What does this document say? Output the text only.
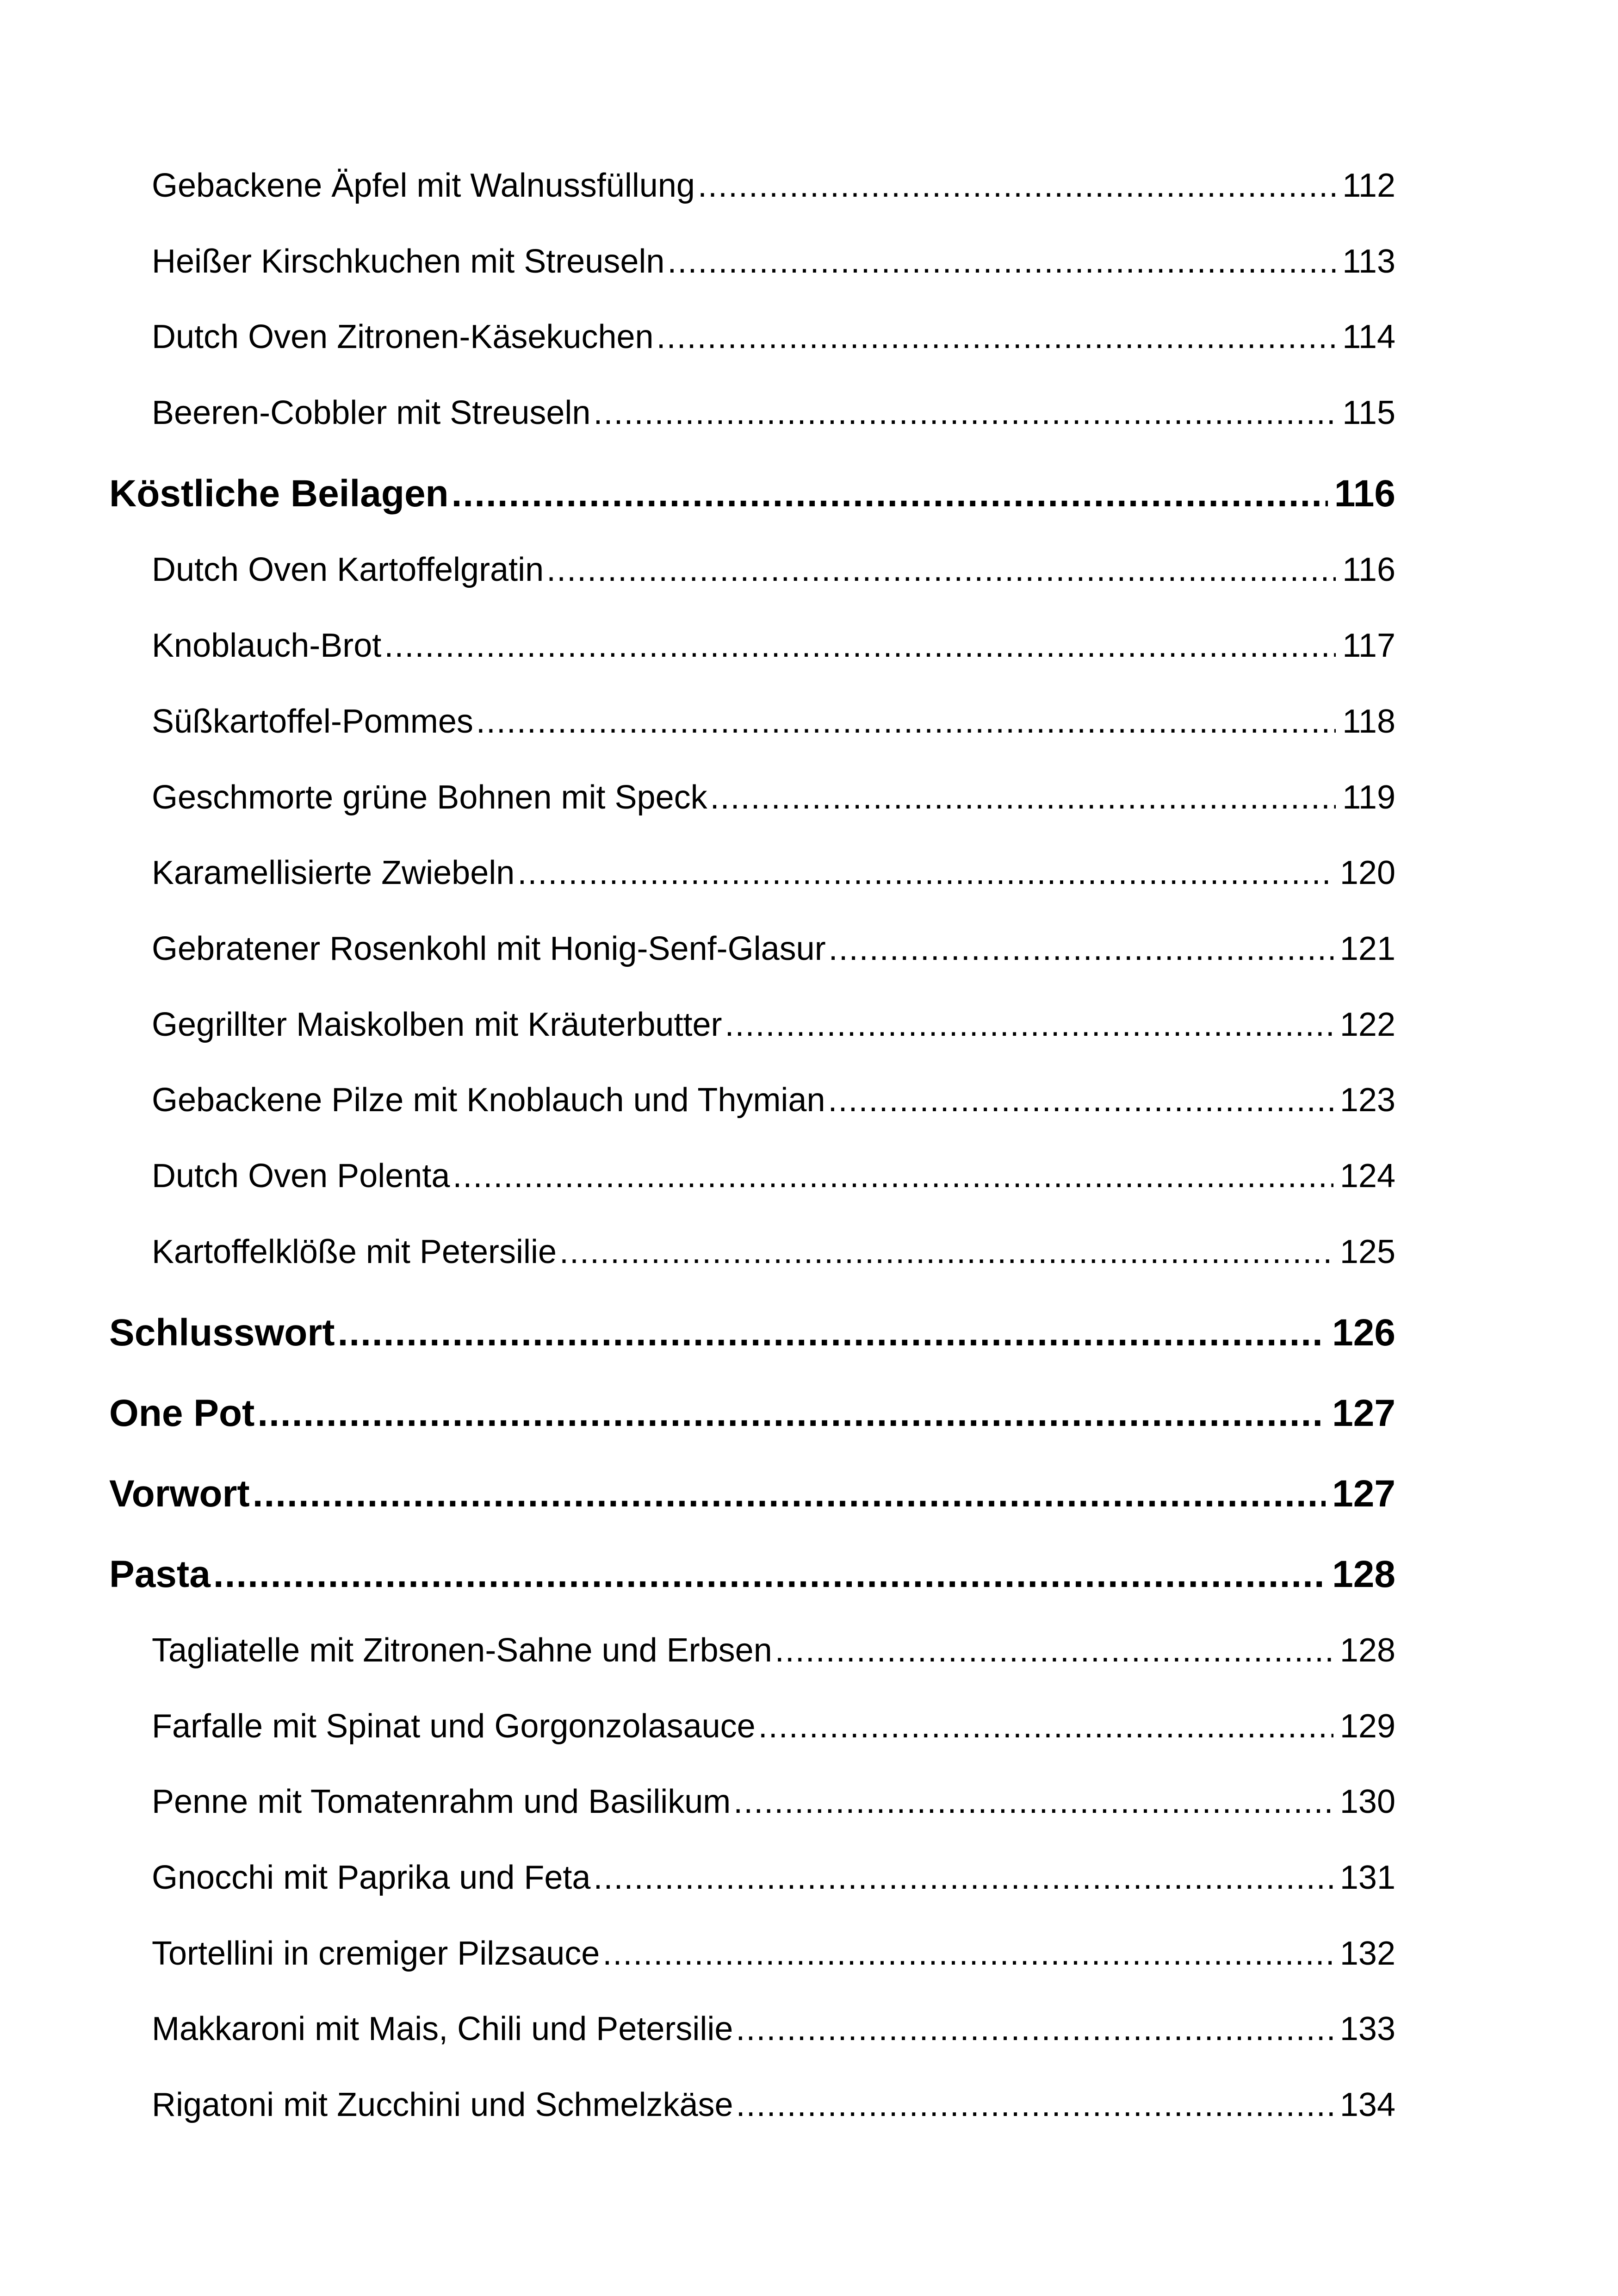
Gebackene Äpfel mit Walnussfüllung .....	112
Heißer Kirschkuchen mit Streuseln .....	113
Dutch Oven Zitronen-Käsekuchen .....	114
Beeren-Cobbler mit Streuseln .....	115
Köstliche Beilagen .....	116
Dutch Oven Kartoffelgratin .....	116
Knoblauch-Brot .....	117
Süßkartoffel-Pommes .....	118
Geschmorte grüne Bohnen mit Speck .....	119
Karamellisierte Zwiebeln .....	120
Gebratener Rosenkohl mit Honig-Senf-Glasur .....	121
Gegrillter Maiskolben mit Kräuterbutter .....	122
Gebackene Pilze mit Knoblauch und Thymian .....	123
Dutch Oven Polenta .....	124
Kartoffelklöße mit Petersilie .....	125
Schlusswort .....	126
One Pot .....	127
Vorwort .....	127
Pasta .....	128
Tagliatelle mit Zitronen-Sahne und Erbsen .....	128
Farfalle mit Spinat und Gorgonzolasauce .....	129
Penne mit Tomatenrahm und Basilikum .....	130
Gnocchi mit Paprika und Feta .....	131
Tortellini in cremiger Pilzsauce .....	132
Makkaroni mit Mais, Chili und Petersilie .....	133
Rigatoni mit Zucchini und Schmelzkäse .....	134
